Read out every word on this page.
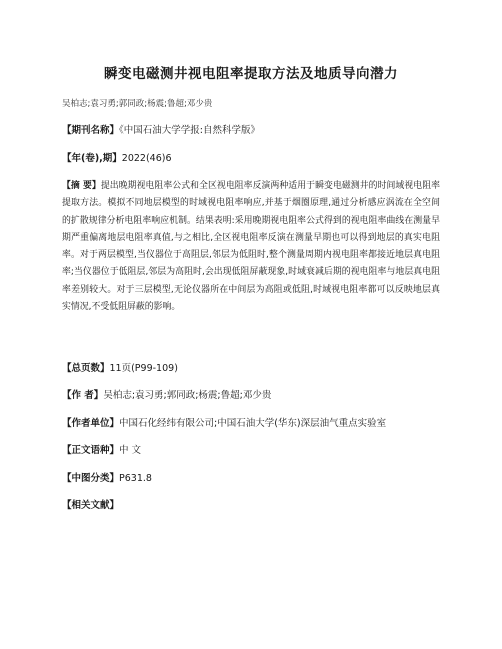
瞬变电磁测井视电阻率提取方法及地质导向潜力
吴柏志;袁习勇;郭同政;杨震;鲁超;邓少贵
【期刊名称】《中国石油大学学报:自然科学版》
【年(卷),期】2022(46)6
【摘 要】提出晚期视电阻率公式和全区视电阻率反演两种适用于瞬变电磁测井的时间域视电阻率提取方法。模拟不同地层模型的时域视电阻率响应,并基于烟圈原理,通过分析感应涡流在全空间的扩散规律分析电阻率响应机制。结果表明:采用晚期视电阻率公式得到的视电阻率曲线在测量早期严重偏离地层电阻率真值,与之相比,全区视电阻率反演在测量早期也可以得到地层的真实电阻率。对于两层模型,当仪器位于高阻层,邻层为低阻时,整个测量周期内视电阻率都接近地层真电阻率;当仪器位于低阻层,邻层为高阻时,会出现低阻屏蔽现象,时域衰减后期的视电阻率与地层真电阻率差别较大。对于三层模型,无论仪器所在中间层为高阻或低阻,时域视电阻率都可以反映地层真实情况,不受低阻屏蔽的影响。
【总页数】11页(P99-109)
【作 者】吴柏志;袁习勇;郭同政;杨震;鲁超;邓少贵
【作者单位】中国石化经纬有限公司;中国石油大学(华东)深层油气重点实验室
【正文语种】中 文
【中图分类】P631.8
【相关文献】
